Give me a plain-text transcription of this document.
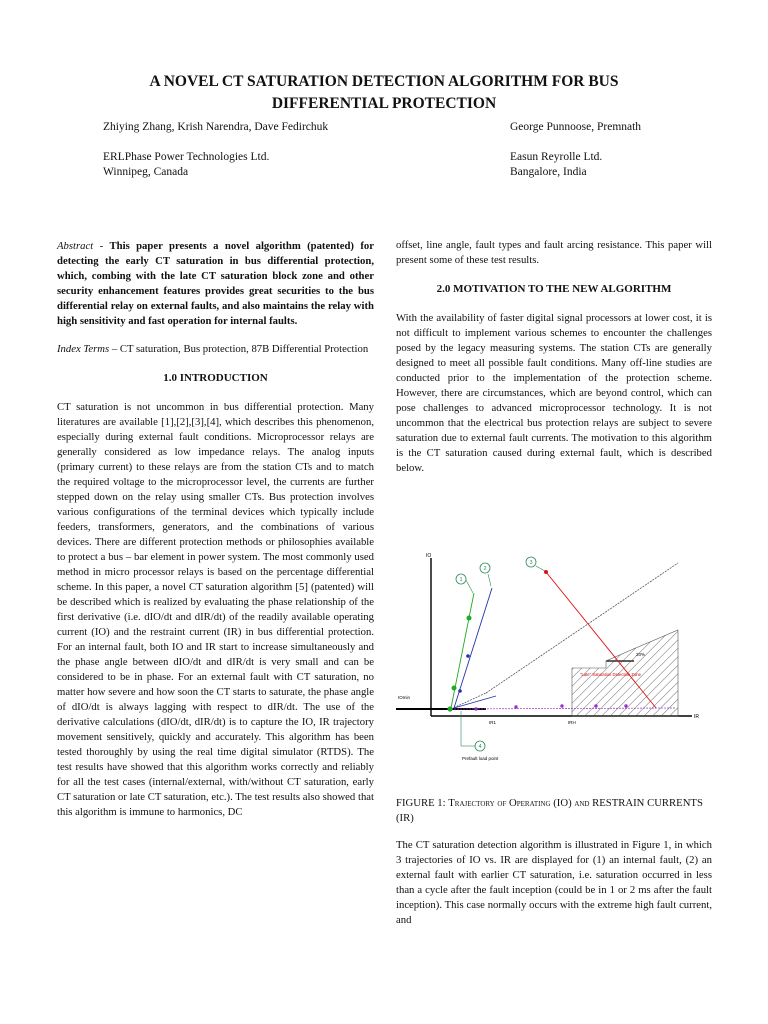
A NOVEL CT SATURATION DETECTION ALGORITHM FOR BUS DIFFERENTIAL PROTECTION
Zhiying Zhang, Krish Narendra, Dave Fedirchuk	George Punnoose, Premnath
ERLPhase Power Technologies Ltd.
Winnipeg, Canada
Easun Reyrolle Ltd.
Bangalore, India

Abstract - This paper presents a novel algorithm (patented) for detecting the early CT saturation in bus differential protection, which, combing with the late CT saturation block zone and other security enhancement features provides great securities to the bus differential relay on external faults, and also maintains the relay with high sensitivity and fast operation for internal faults.

Index Terms – CT saturation, Bus protection, 87B Differential Protection

1.0 INTRODUCTION

CT saturation is not uncommon in bus differential protection. Many literatures are available [1],[2],[3],[4], which describes this phenomenon, especially during external fault conditions. Microprocessor relays are generally considered as low impedance relays. The analog inputs (primary current) to these relays are from the station CTs and to match the required voltage to the microprocessor level, the currents are further stepped down on the relay using smaller CTs. Bus protection involves various configurations of the terminal devices which typically include feeders, transformers, generators, and the combinations of various devices. There are different protection methods or philosophies available to protect a bus – bar element in power system. The most commonly used method in micro processor relays is based on the percentage differential scheme. In this paper, a novel CT saturation algorithm [5] (patented) will be described which is realized by evaluating the phase relationship of the first derivative (i.e. dIO/dt and dIR/dt) of the readily available operating current (IO) and the restraint current (IR) in bus differential protection. For an internal fault, both IO and IR start to increase simultaneously and the phase angle between dIO/dt and dIR/dt is very small and can be considered to be in phase. For an external fault with CT saturation, no matter how severe and how soon the CT starts to saturate, the phase angle of dIO/dt is always lagging with respect to dIR/dt. The use of the derivative calculations (dIO/dt, dIR/dt) is to capture the IO, IR trajectory movement sensitively, quickly and accurately. This algorithm has been tested thoroughly by using the real time digital simulator (RTDS). The test results have showed that this algorithm works correctly and reliably for all the test cases (internal/external, with/without CT saturation, early CT saturation or late CT saturation, etc.). The test results also showed that this algorithm is immune to harmonics, DC

offset, line angle, fault types and fault arcing resistance. This paper will present some of these test results.

2.0 MOTIVATION TO THE NEW ALGORITHM

With the availability of faster digital signal processors at lower cost, it is not difficult to implement various schemes to encounter the challenges posed by the legacy measuring systems. The station CTs are generally designed to meet all possible fault conditions. Many off-line studies are conducted prior to the implementation of the protection scheme. However, there are circumstances, which are beyond control, which can pose challenges to advanced microprocessor technology. It is not uncommon that the electrical bus protection relays are subject to severe saturation due to external fault currents. The motivation to this algorithm is the CT saturation caused during external fault, which is described below.

IO
IR
IOmin
IR1	IRH
20%
"Late" Saturation Detection Zone
1
2
3
4
Prefault load point
FIGURE 1: Trajectory of Operating (IO) and RESTRAIN CURRENTS (IR)
The CT saturation detection algorithm is illustrated in Figure 1, in which 3 trajectories of IO vs. IR are displayed for (1) an internal fault, (2) an external fault with earlier CT saturation, i.e. saturation occurred in less than a cycle after the fault inception (could be in 1 or 2 ms after the fault inception). This case normally occurs with the extreme high fault current, and
